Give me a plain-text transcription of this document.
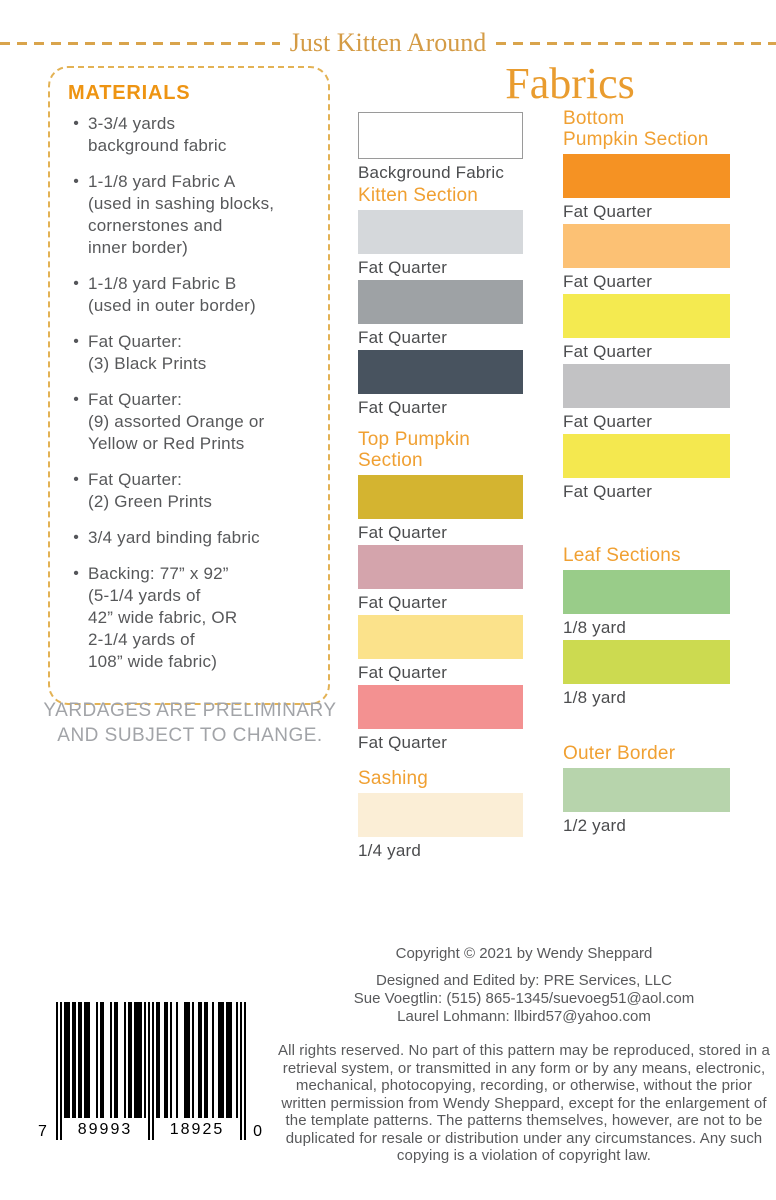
Just Kitten Around
MATERIALS
• 3-3/4 yards
background fabric
• 1-1/8 yard Fabric A
(used in sashing blocks,
cornerstones and
inner border)
• 1-1/8 yard Fabric B
(used in outer border)
• Fat Quarter:
(3) Black Prints
• Fat Quarter:
(9) assorted Orange or
Yellow or Red Prints
• Fat Quarter:
(2) Green Prints
• 3/4 yard binding fabric
• Backing: 77” x 92”
(5-1/4 yards of
42” wide fabric, OR
2-1/4 yards of
108” wide fabric)
YARDAGES ARE PRELIMINARY
AND SUBJECT TO CHANGE.
Fabrics
Background Fabric
Kitten Section
Fat Quarter
Fat Quarter
Fat Quarter
Top Pumpkin Section
Fat Quarter
Fat Quarter
Fat Quarter
Fat Quarter
Sashing
1/4 yard
Bottom
Pumpkin Section
Fat Quarter
Fat Quarter
Fat Quarter
Fat Quarter
Fat Quarter
Leaf Sections
1/8 yard
1/8 yard
Outer Border
1/2 yard
Copyright © 2021 by Wendy Sheppard
Designed and Edited by: PRE Services, LLC
Sue Voegtlin: (515) 865-1345/suevoeg51@aol.com
Laurel Lohmann: llbird57@yahoo.com
All rights reserved. No part of this pattern may be reproduced, stored in a retrieval system, or transmitted in any form or by any means, electronic, mechanical, photocopying, recording, or otherwise, without the prior written permission from Wendy Sheppard, except for the enlargement of the template patterns. The patterns themselves, however, are not to be duplicated for resale or distribution under any circumstances. Any such copying is a violation of copyright law.
7	89993	18925	0
